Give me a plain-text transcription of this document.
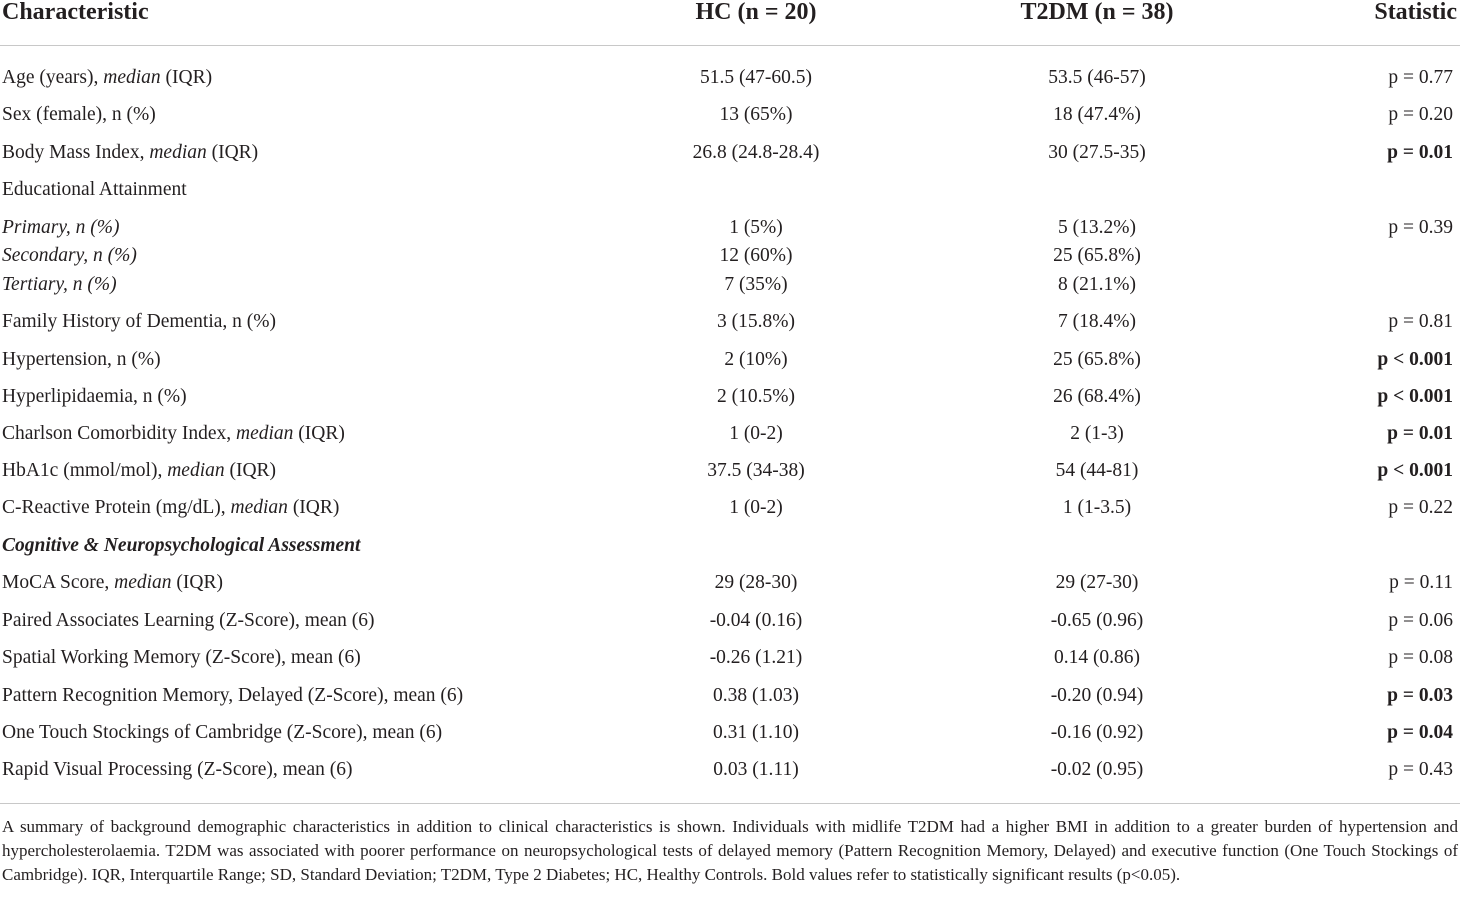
Characteristic	HC (n = 20)	T2DM (n = 38)	Statistic
Age (years), median (IQR)	51.5 (47-60.5)	53.5 (46-57)	p = 0.77
Sex (female), n (%)	13 (65%)	18 (47.4%)	p = 0.20
Body Mass Index, median (IQR)	26.8 (24.8-28.4)	30 (27.5-35)	p = 0.01
Educational Attainment
Primary, n (%)	1 (5%)	5 (13.2%)	p = 0.39
Secondary, n (%)	12 (60%)	25 (65.8%)
Tertiary, n (%)	7 (35%)	8 (21.1%)
Family History of Dementia, n (%)	3 (15.8%)	7 (18.4%)	p = 0.81
Hypertension, n (%)	2 (10%)	25 (65.8%)	p < 0.001
Hyperlipidaemia, n (%)	2 (10.5%)	26 (68.4%)	p < 0.001
Charlson Comorbidity Index, median (IQR)	1 (0-2)	2 (1-3)	p = 0.01
HbA1c (mmol/mol), median (IQR)	37.5 (34-38)	54 (44-81)	p < 0.001
C-Reactive Protein (mg/dL), median (IQR)	1 (0-2)	1 (1-3.5)	p = 0.22
Cognitive & Neuropsychological Assessment
MoCA Score, median (IQR)	29 (28-30)	29 (27-30)	p = 0.11
Paired Associates Learning (Z-Score), mean (6)	-0.04 (0.16)	-0.65 (0.96)	p = 0.06
Spatial Working Memory (Z-Score), mean (6)	-0.26 (1.21)	0.14 (0.86)	p = 0.08
Pattern Recognition Memory, Delayed (Z-Score), mean (6)	0.38 (1.03)	-0.20 (0.94)	p = 0.03
One Touch Stockings of Cambridge (Z-Score), mean (6)	0.31 (1.10)	-0.16 (0.92)	p = 0.04
Rapid Visual Processing (Z-Score), mean (6)	0.03 (1.11)	-0.02 (0.95)	p = 0.43
A summary of background demographic characteristics in addition to clinical characteristics is shown. Individuals with midlife T2DM had a higher BMI in addition to a greater burden of hypertension and hypercholesterolaemia. T2DM was associated with poorer performance on neuropsychological tests of delayed memory (Pattern Recognition Memory, Delayed) and executive function (One Touch Stockings of Cambridge). IQR, Interquartile Range; SD, Standard Deviation; T2DM, Type 2 Diabetes; HC, Healthy Controls. Bold values refer to statistically significant results (p<0.05).
